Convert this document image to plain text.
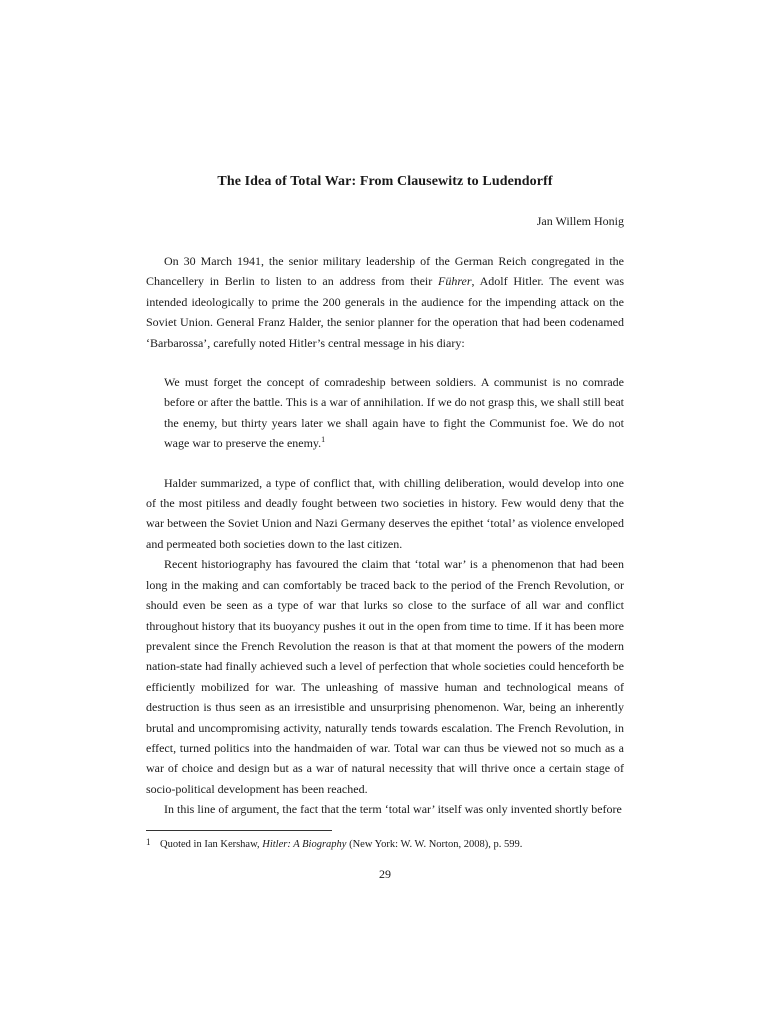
The Idea of Total War: From Clausewitz to Ludendorff
Jan Willem Honig

On 30 March 1941, the senior military leadership of the German Reich congregated in the Chancellery in Berlin to listen to an address from their Führer, Adolf Hitler. The event was intended ideologically to prime the 200 generals in the audience for the impending attack on the Soviet Union. General Franz Halder, the senior planner for the operation that had been codenamed ‘Barbarossa’, carefully noted Hitler’s central message in his diary:

We must forget the concept of comradeship between soldiers. A communist is no comrade before or after the battle. This is a war of annihilation. If we do not grasp this, we shall still beat the enemy, but thirty years later we shall again have to fight the Communist foe. We do not wage war to preserve the enemy.$^1$

Halder summarized, a type of conflict that, with chilling deliberation, would develop into one of the most pitiless and deadly fought between two societies in history. Few would deny that the war between the Soviet Union and Nazi Germany deserves the epithet ‘total’ as violence enveloped and permeated both societies down to the last citizen.

Recent historiography has favoured the claim that ‘total war’ is a phenomenon that had been long in the making and can comfortably be traced back to the period of the French Revolution, or should even be seen as a type of war that lurks so close to the surface of all war and conflict throughout history that its buoyancy pushes it out in the open from time to time. If it has been more prevalent since the French Revolution the reason is that at that moment the powers of the modern nation-state had finally achieved such a level of perfection that whole societies could henceforth be efficiently mobilized for war. The unleashing of massive human and technological means of destruction is thus seen as an irresistible and unsurprising phenomenon. War, being an inherently brutal and uncompromising activity, naturally tends towards escalation. The French Revolution, in effect, turned politics into the handmaiden of war. Total war can thus be viewed not so much as a war of choice and design but as a war of natural necessity that will thrive once a certain stage of socio-political development has been reached.

In this line of argument, the fact that the term ‘total war’ itself was only invented shortly before

1 Quoted in Ian Kershaw, Hitler: A Biography (New York: W. W. Norton, 2008), p. 599.
29
